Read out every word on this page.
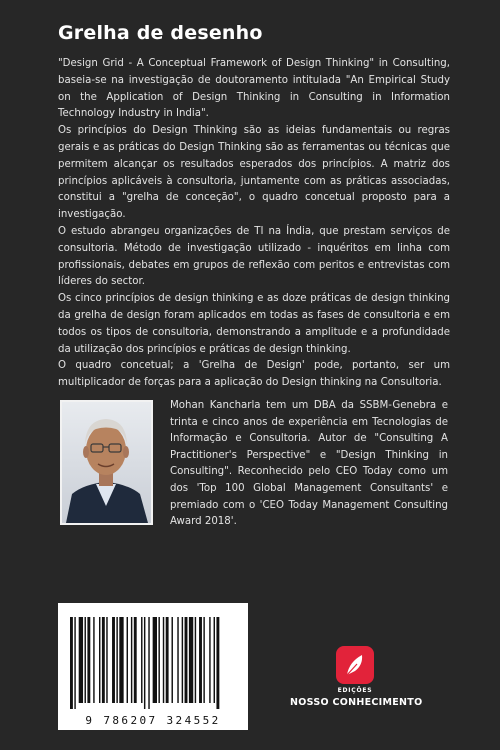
Grelha de desenho

"Design Grid - A Conceptual Framework of Design Thinking" in Consulting, baseia-se na investigação de doutoramento intitulada "An Empirical Study on the Application of Design Thinking in Consulting in Information Technology Industry in India".

Os princípios do Design Thinking são as ideias fundamentais ou regras gerais e as práticas do Design Thinking são as ferramentas ou técnicas que permitem alcançar os resultados esperados dos princípios. A matriz dos princípios aplicáveis à consultoria, juntamente com as práticas associadas, constitui a "grelha de conceção", o quadro concetual proposto para a investigação.

O estudo abrangeu organizações de TI na Índia, que prestam serviços de consultoria. Método de investigação utilizado - inquéritos em linha com profissionais, debates em grupos de reflexão com peritos e entrevistas com líderes do sector.

Os cinco princípios de design thinking e as doze práticas de design thinking da grelha de design foram aplicados em todas as fases de consultoria e em todos os tipos de consultoria, demonstrando a amplitude e a profundidade da utilização dos princípios e práticas de design thinking.

O quadro concetual; a 'Grelha de Design' pode, portanto, ser um multiplicador de forças para a aplicação do Design thinking na Consultoria.

Mohan Kancharla tem um DBA da SSBM-Genebra e trinta e cinco anos de experiência em Tecnologias de Informação e Consultoria. Autor de "Consulting A Practitioner's Perspective" e "Design Thinking in Consulting". Reconhecido pelo CEO Today como um dos 'Top 100 Global Management Consultants' e premiado com o 'CEO Today Management Consulting Award 2018'.
9 786207 324552
EDIÇÕES
NOSSO CONHECIMENTO
